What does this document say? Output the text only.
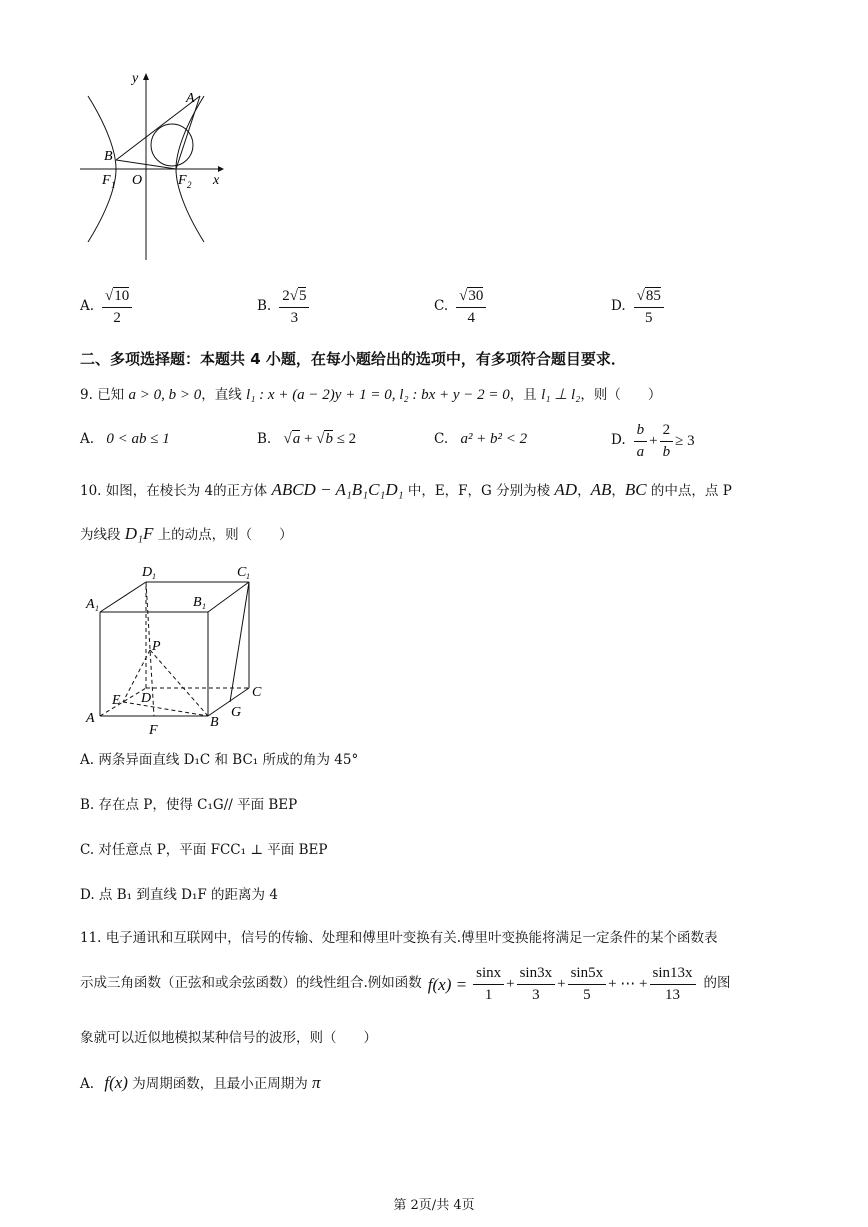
y
x
O
A
B
F 1	F 2
A. $\frac{√10}{2}$	B. $\frac{2√5}{3}$	C. $\frac{√30}{4}$	D. $\frac{√85}{5}$
二、多项选择题：本题共 4 小题，在每小题给出的选项中，有多项符合题目要求．
9. 已知 a > 0, b > 0，直线 l₁ : x + (a − 2)y + 1 = 0, l₂ : bx + y − 2 = 0，且 l₁ ⊥ l₂，则（　　）
A. 0 < ab ≤ 1	B. √a + √b ≤ 2	C. a² + b² < 2	D. $\frac{b}{a} + \frac{2}{b} \ge 3$
10. 如图，在棱长为 4的正方体 ABCD − A₁B₁C₁D₁ 中，E，F，G 分别为棱 AD，AB，BC 的中点，点 P
为线段 D₁F 上的动点，则（　　）
D 1	C 1
A 1	B 1
P
E D	C
A
F
B
G
A. 两条异面直线 D₁C 和 BC₁ 所成的角为 45°
B. 存在点 P，使得 C₁G// 平面 BEP
C. 对任意点 P，平面 FCC₁ ⊥ 平面 BEP
D. 点 B₁ 到直线 D₁F 的距离为 4
11. 电子通讯和互联网中，信号的传输、处理和傅里叶变换有关.傅里叶变换能将满足一定条件的某个函数表
示成三角函数（正弦和或余弦函数）的线性组合.例如函数 $f(x) = \frac{\sin x}{1} + \frac{\sin 3x}{3} + \frac{\sin 5x}{5}$ + ⋯ + $\frac{\sin 13x}{13}$ 的图
象就可以近似地模拟某种信号的波形，则（　　）
A. f(x) 为周期函数，且最小正周期为 π
第 2页/共 4页
